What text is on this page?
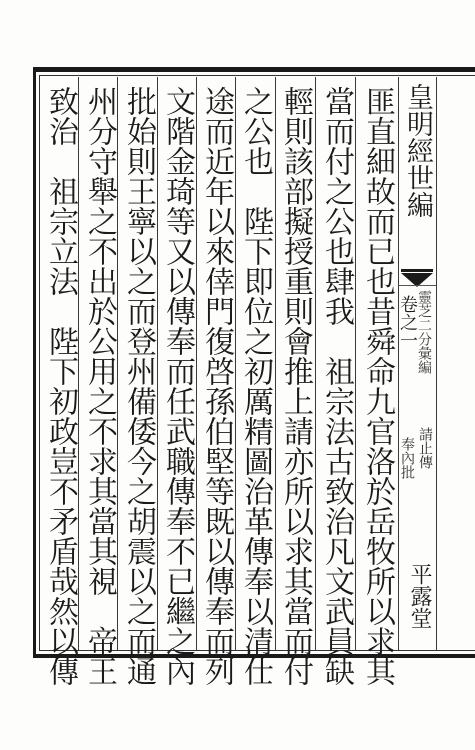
皇明經世編
靈芝二分彙編
卷之一
請止傳
奉內批
平露堂
匪直細故而已也昔舜命九官洛於岳牧所以求其
當而付之公也肆我　祖宗法古致治凡文武員缺
輕則該部擬授重則會推上請亦所以求其當而付
之公也　陛下即位之初厲精圖治革傳奉以清仕
途而近年以來倖門復啓孫伯堅等既以傳奉而列
文階金琦等又以傳奉而任武職傳奉不已繼之內
批始則王寧以之而登州備倭今之胡震以之而通
州分守舉之不出於公用之不求其當其視　帝王
致治　祖宗立法　陛下初政豈不矛盾哉然以傳
